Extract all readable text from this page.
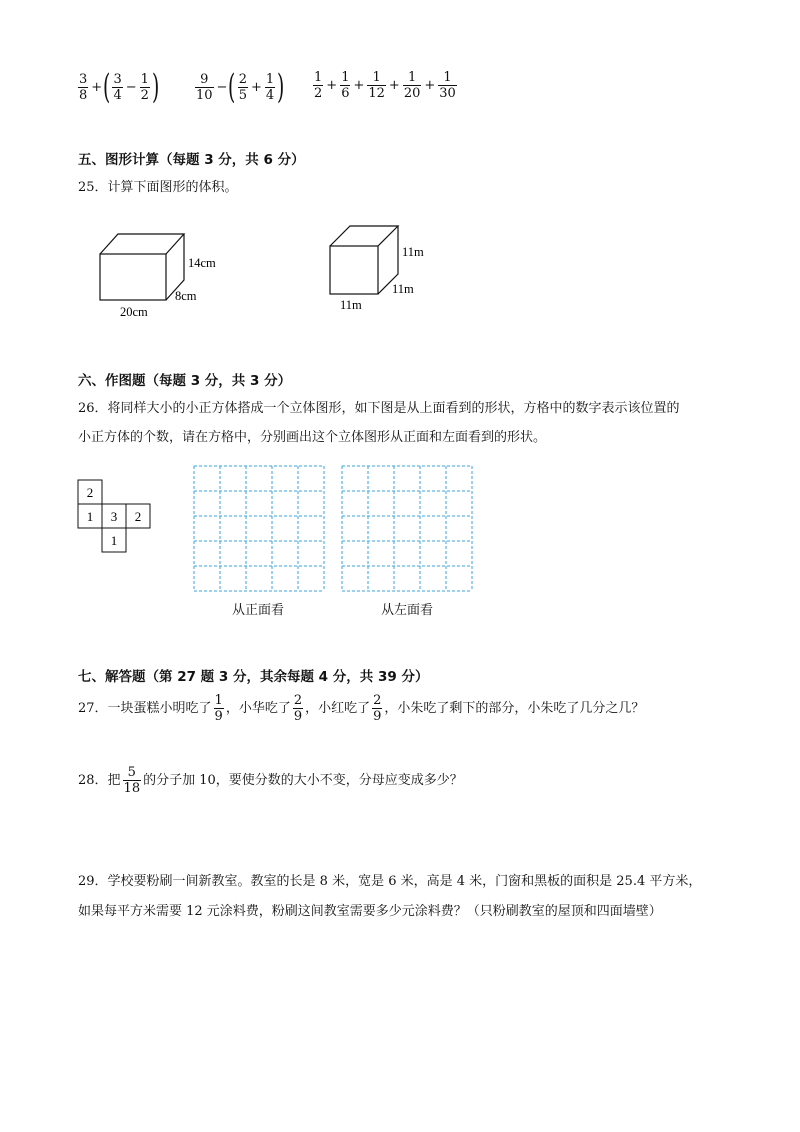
$\frac{3}{8}$ +( $\frac{3}{4} - \frac{1}{2}$ )	$\frac{9}{10}$ −( $\frac{2}{5} + \frac{1}{4}$ ) $\frac{1}{2} + \frac{1}{6} + \frac{1}{12} + \frac{1}{20} + \frac{1}{30}$
五、图形计算（每题 3 分，共 6 分）
25．计算下面图形的体积。
14cm
8cm
20cm
11m
11m
11m
六、作图题（每题 3 分，共 3 分）
26．将同样大小的小正方体搭成一个立体图形，如下图是从上面看到的形状，方格中的数字表示该位置的
小正方体的个数，请在方格中，分别画出这个立体图形从正面和左面看到的形状。
2
1 3 2
1
从正面看	从左面看
七、解答题（第 27 题 3 分，其余每题 4 分，共 39 分）
27．一块蛋糕小明吃了 $\frac{1}{9}$ ，小华吃了 $\frac{2}{9}$ ，小红吃了 $\frac{2}{9}$ ，小朱吃了剩下的部分，小朱吃了几分之几？
28．把 $\frac{5}{18}$ 的分子加 10，要使分数的大小不变，分母应变成多少？
29．学校要粉刷一间新教室。教室的长是 8 米，宽是 6 米，高是 4 米，门窗和黑板的面积是 25.4 平方米，
如果每平方米需要 12 元涂料费，粉刷这间教室需要多少元涂料费？（只粉刷教室的屋顶和四面墙壁）
